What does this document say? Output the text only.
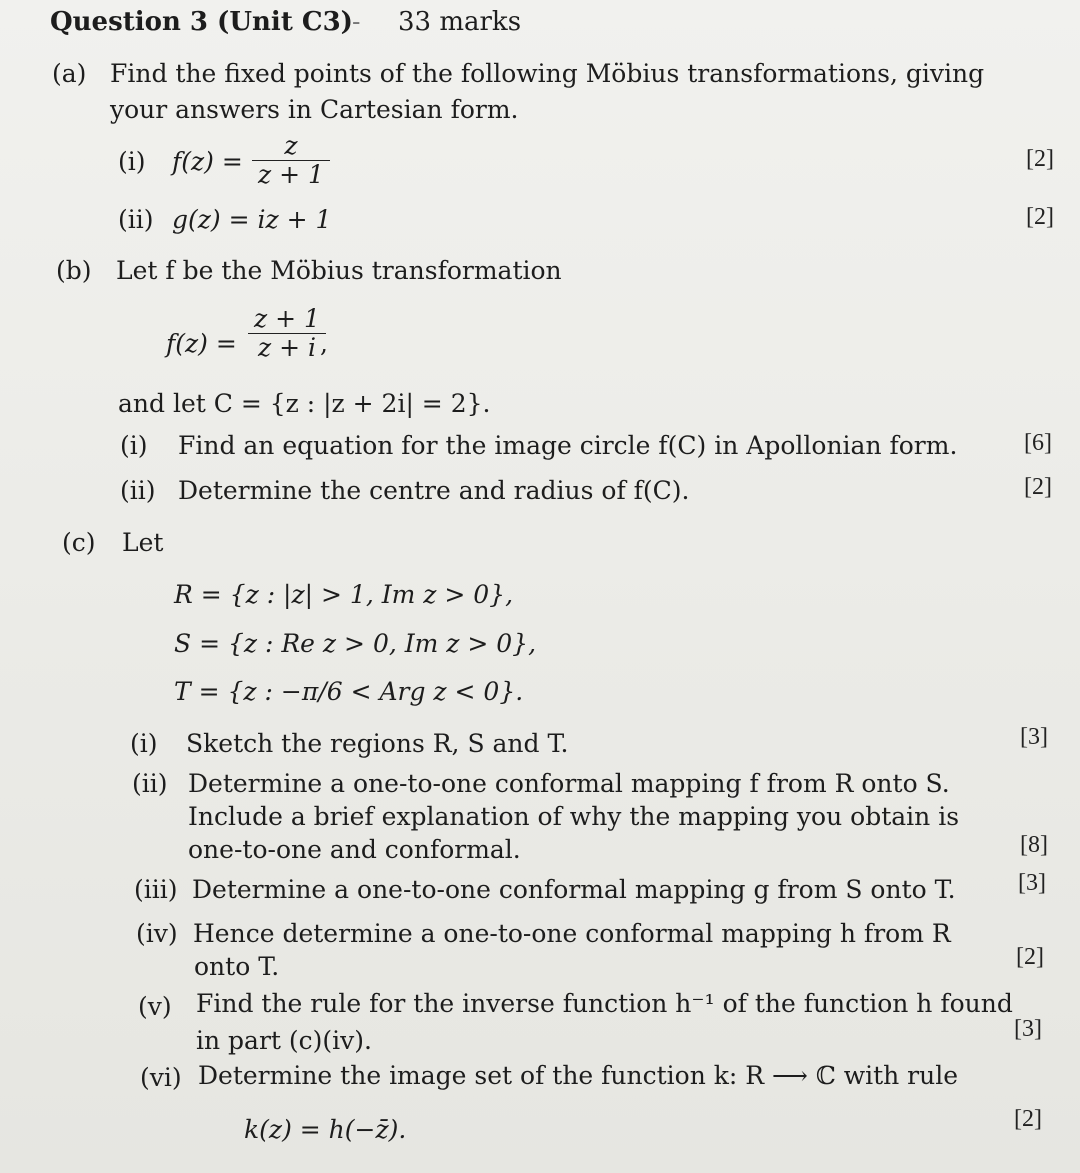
Question 3 (Unit C3) - 33 marks
(a) Find the fixed points of the following Möbius transformations, giving
your answers in Cartesian form.
(i) $f(z) = \frac{z}{z + 1}$	[2]
(ii) g(z) = iz + 1	[2]
(b) Let f be the Möbius transformation
$f(z) = \frac{z + 1}{z + i}$
,
and let C = {z : |z + 2i| = 2}.
(i) Find an equation for the image circle f(C) in Apollonian form.	[6]
(ii) Determine the centre and radius of f(C).	[2]
(c) Let
R = {z : |z| > 1, Im z > 0},
S = {z : Re z > 0, Im z > 0},
T = {z : −π/6 < Arg z < 0}.
(i) Sketch the regions R, S and T.	[3]
(ii) Determine a one-to-one conformal mapping f from R onto S.
Include a brief explanation of why the mapping you obtain is
one-to-one and conformal.	[8]
(iii) Determine a one-to-one conformal mapping g from S onto T.	[3]
(iv) Hence determine a one-to-one conformal mapping h from R
onto T.	[2]
(v) Find the rule for the inverse function h⁻¹ of the function h found
in part (c)(iv).	[3]
(vi) Determine the image set of the function k: R ⟶ ℂ with rule
k(z) = h(−z̄).	[2]
